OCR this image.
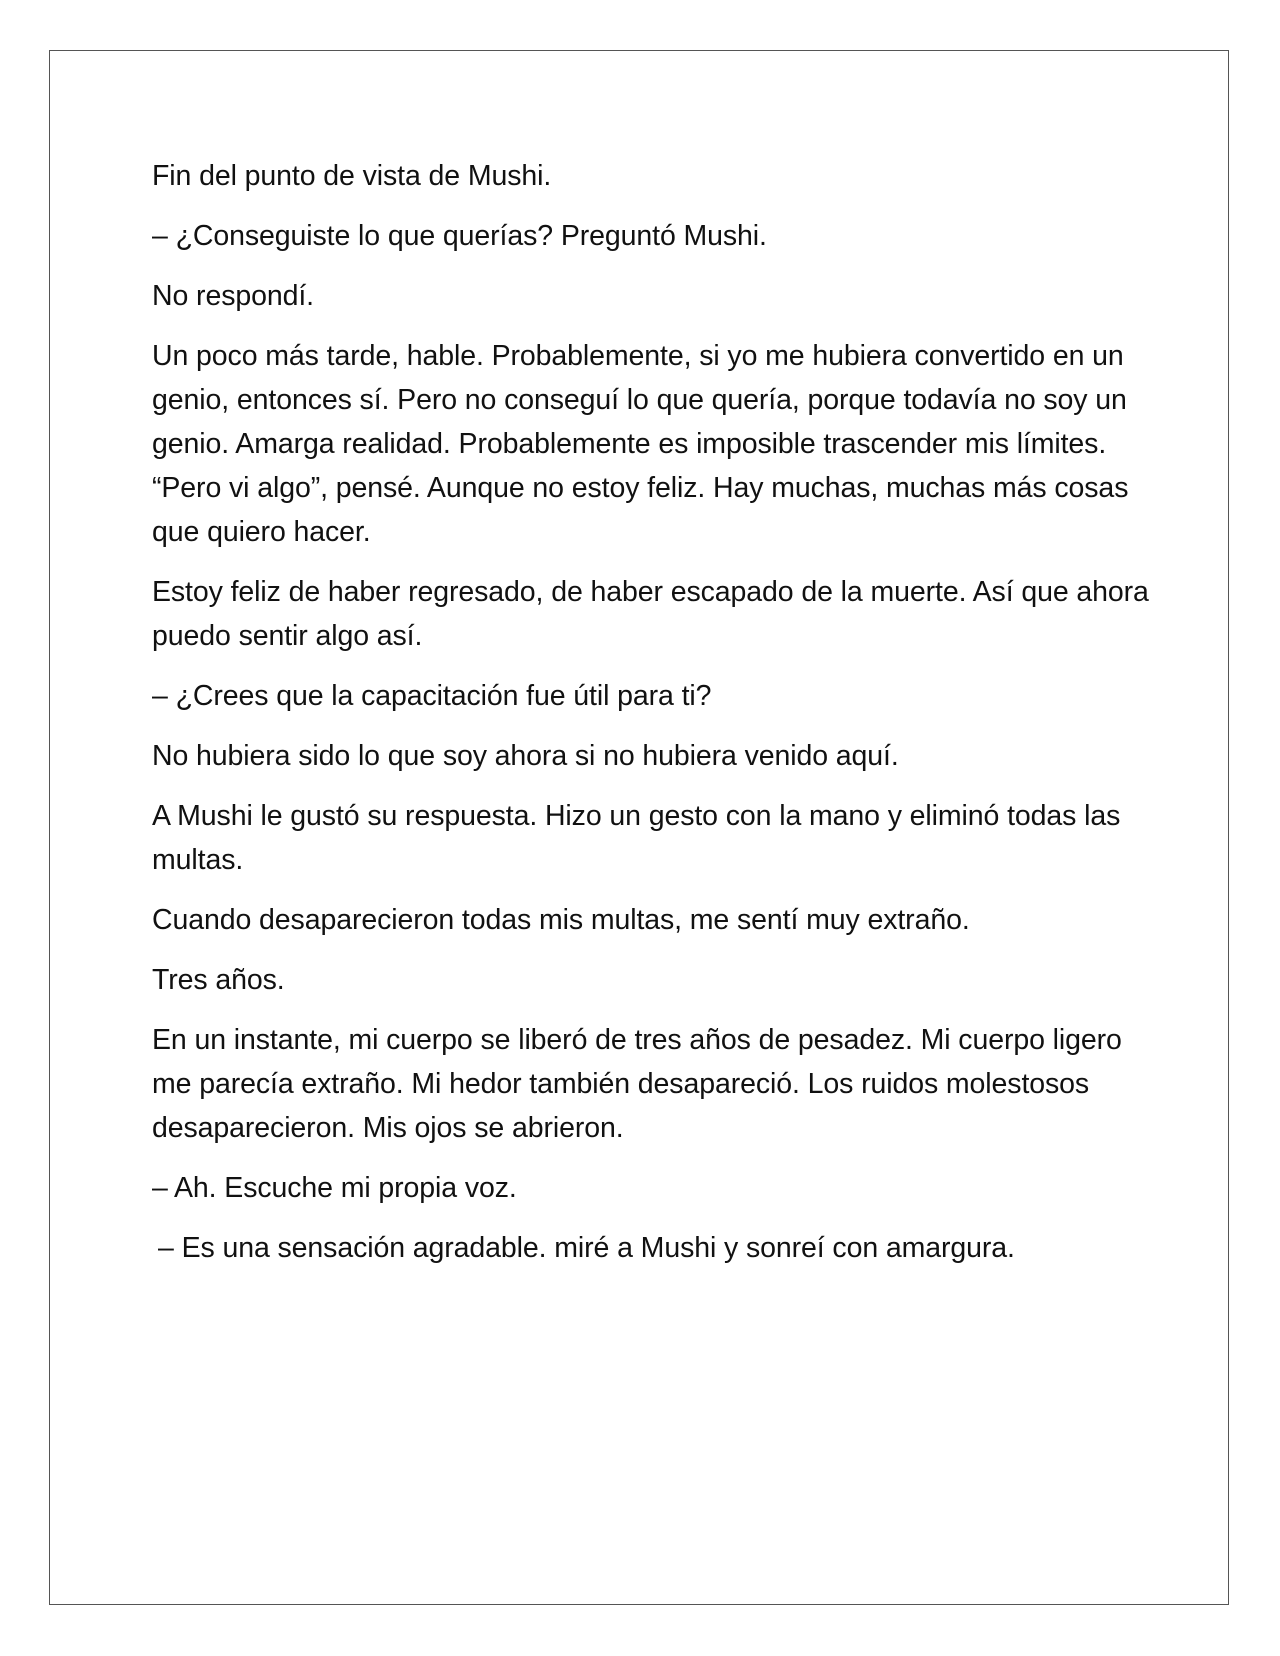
Fin del punto de vista de Mushi.

– ¿Conseguiste lo que querías? Preguntó Mushi.

No respondí.

Un poco más tarde, hable. Probablemente, si yo me hubiera convertido en un genio, entonces sí. Pero no conseguí lo que quería, porque todavía no soy un genio. Amarga realidad. Probablemente es imposible trascender mis límites. “Pero vi algo”, pensé. Aunque no estoy feliz. Hay muchas, muchas más cosas que quiero hacer.

Estoy feliz de haber regresado, de haber escapado de la muerte. Así que ahora puedo sentir algo así.

– ¿Crees que la capacitación fue útil para ti?

No hubiera sido lo que soy ahora si no hubiera venido aquí.

A Mushi le gustó su respuesta. Hizo un gesto con la mano y eliminó todas las multas.

Cuando desaparecieron todas mis multas, me sentí muy extraño.

Tres años.

En un instante, mi cuerpo se liberó de tres años de pesadez. Mi cuerpo ligero me parecía extraño. Mi hedor también desapareció. Los ruidos molestosos desaparecieron. Mis ojos se abrieron.

– Ah. Escuche mi propia voz.

– Es una sensación agradable. miré a Mushi y sonreí con amargura.
